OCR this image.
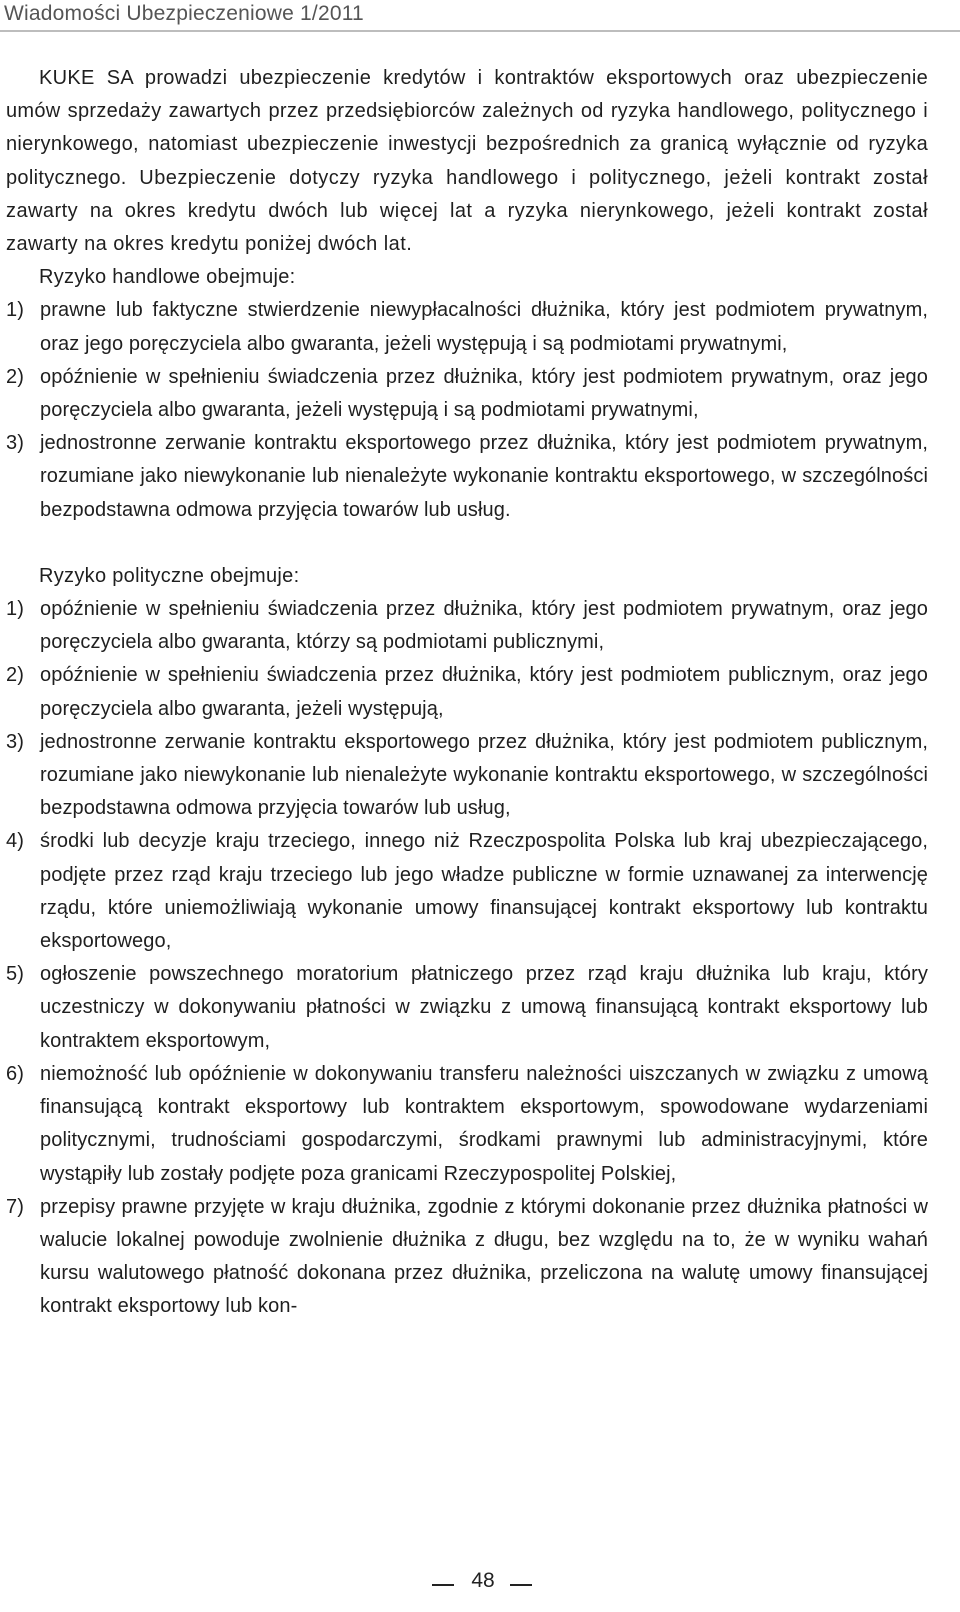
Wiadomości Ubezpieczeniowe 1/2011

KUKE SA prowadzi ubezpieczenie kredytów i kontraktów eksportowych oraz ubezpieczenie umów sprzedaży zawartych przez przedsiębiorców zależnych od ryzyka handlowego, politycznego i nierynkowego, natomiast ubezpieczenie inwestycji bezpośrednich za granicą wyłącznie od ryzyka politycznego. Ubezpieczenie dotyczy ryzyka handlowego i politycznego, jeżeli kontrakt został zawarty na okres kredytu dwóch lub więcej lat a ryzyka nierynkowego, jeżeli kontrakt został zawarty na okres kredytu poniżej dwóch lat.

Ryzyko handlowe obejmuje:

1) prawne lub faktyczne stwierdzenie niewypłacalności dłużnika, który jest podmiotem prywatnym, oraz jego poręczyciela albo gwaranta, jeżeli występują i są podmiotami prywatnymi,
2) opóźnienie w spełnieniu świadczenia przez dłużnika, który jest podmiotem prywatnym, oraz jego poręczyciela albo gwaranta, jeżeli występują i są podmiotami prywatnymi,
3) jednostronne zerwanie kontraktu eksportowego przez dłużnika, który jest podmiotem prywatnym, rozumiane jako niewykonanie lub nienależyte wykonanie kontraktu eksportowego, w szczególności bezpodstawna odmowa przyjęcia towarów lub usług.

Ryzyko polityczne obejmuje:

1) opóźnienie w spełnieniu świadczenia przez dłużnika, który jest podmiotem prywatnym, oraz jego poręczyciela albo gwaranta, którzy są podmiotami publicznymi,
2) opóźnienie w spełnieniu świadczenia przez dłużnika, który jest podmiotem publicznym, oraz jego poręczyciela albo gwaranta, jeżeli występują,
3) jednostronne zerwanie kontraktu eksportowego przez dłużnika, który jest podmiotem publicznym, rozumiane jako niewykonanie lub nienależyte wykonanie kontraktu eksportowego, w szczególności bezpodstawna odmowa przyjęcia towarów lub usług,
4) środki lub decyzje kraju trzeciego, innego niż Rzeczpospolita Polska lub kraj ubezpieczającego, podjęte przez rząd kraju trzeciego lub jego władze publiczne w formie uznawanej za interwencję rządu, które uniemożliwiają wykonanie umowy finansującej kontrakt eksportowy lub kontraktu eksportowego,
5) ogłoszenie powszechnego moratorium płatniczego przez rząd kraju dłużnika lub kraju, który uczestniczy w dokonywaniu płatności w związku z umową finansującą kontrakt eksportowy lub kontraktem eksportowym,
6) niemożność lub opóźnienie w dokonywaniu transferu należności uiszczanych w związku z umową finansującą kontrakt eksportowy lub kontraktem eksportowym, spowodowane wydarzeniami politycznymi, trudnościami gospodarczymi, środkami prawnymi lub administracyjnymi, które wystąpiły lub zostały podjęte poza granicami Rzeczypospolitej Polskiej,
7) przepisy prawne przyjęte w kraju dłużnika, zgodnie z którymi dokonanie przez dłużnika płatności w walucie lokalnej powoduje zwolnienie dłużnika z długu, bez względu na to, że w wyniku wahań kursu walutowego płatność dokonana przez dłużnika, przeliczona na walutę umowy finansującej kontrakt eksportowy lub kon-
48
